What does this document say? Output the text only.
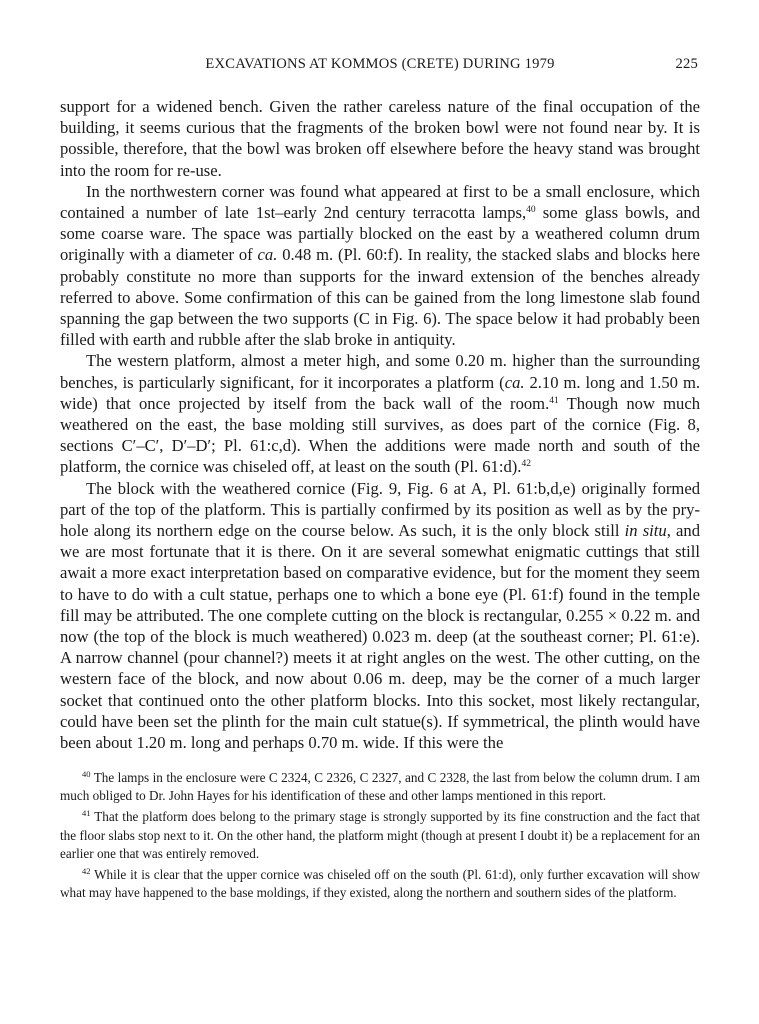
EXCAVATIONS AT KOMMOS (CRETE) DURING 1979	225

support for a widened bench. Given the rather careless nature of the final occupation of the building, it seems curious that the fragments of the broken bowl were not found near by. It is possible, therefore, that the bowl was broken off elsewhere before the heavy stand was brought into the room for re-use.

In the northwestern corner was found what appeared at first to be a small enclosure, which contained a number of late 1st–early 2nd century terracotta lamps,$^{40}$ some glass bowls, and some coarse ware. The space was partially blocked on the east by a weathered column drum originally with a diameter of ca. 0.48 m. (Pl. 60:f). In reality, the stacked slabs and blocks here probably constitute no more than supports for the inward extension of the benches already referred to above. Some confirmation of this can be gained from the long limestone slab found spanning the gap between the two supports (C in Fig. 6). The space below it had probably been filled with earth and rubble after the slab broke in antiquity.

The western platform, almost a meter high, and some 0.20 m. higher than the surrounding benches, is particularly significant, for it incorporates a platform (ca. 2.10 m. long and 1.50 m. wide) that once projected by itself from the back wall of the room.$^{41}$ Though now much weathered on the east, the base molding still survives, as does part of the cornice (Fig. 8, sections C′–C′, D′–D′; Pl. 61:c,d). When the additions were made north and south of the platform, the cornice was chiseled off, at least on the south (Pl. 61:d).$^{42}$

The block with the weathered cornice (Fig. 9, Fig. 6 at A, Pl. 61:b,d,e) originally formed part of the top of the platform. This is partially confirmed by its position as well as by the pry-hole along its northern edge on the course below. As such, it is the only block still in situ, and we are most fortunate that it is there. On it are several somewhat enigmatic cuttings that still await a more exact interpretation based on comparative evidence, but for the moment they seem to have to do with a cult statue, perhaps one to which a bone eye (Pl. 61:f) found in the temple fill may be attributed. The one complete cutting on the block is rectangular, 0.255 × 0.22 m. and now (the top of the block is much weathered) 0.023 m. deep (at the southeast corner; Pl. 61:e). A narrow channel (pour channel?) meets it at right angles on the west. The other cutting, on the western face of the block, and now about 0.06 m. deep, may be the corner of a much larger socket that continued onto the other platform blocks. Into this socket, most likely rectangular, could have been set the plinth for the main cult statue(s). If symmetrical, the plinth would have been about 1.20 m. long and perhaps 0.70 m. wide. If this were the

$^{40}$ The lamps in the enclosure were C 2324, C 2326, C 2327, and C 2328, the last from below the column drum. I am much obliged to Dr. John Hayes for his identification of these and other lamps mentioned in this report.

$^{41}$ That the platform does belong to the primary stage is strongly supported by its fine construction and the fact that the floor slabs stop next to it. On the other hand, the platform might (though at present I doubt it) be a replacement for an earlier one that was entirely removed.

$^{42}$ While it is clear that the upper cornice was chiseled off on the south (Pl. 61:d), only further excavation will show what may have happened to the base moldings, if they existed, along the northern and southern sides of the platform.
